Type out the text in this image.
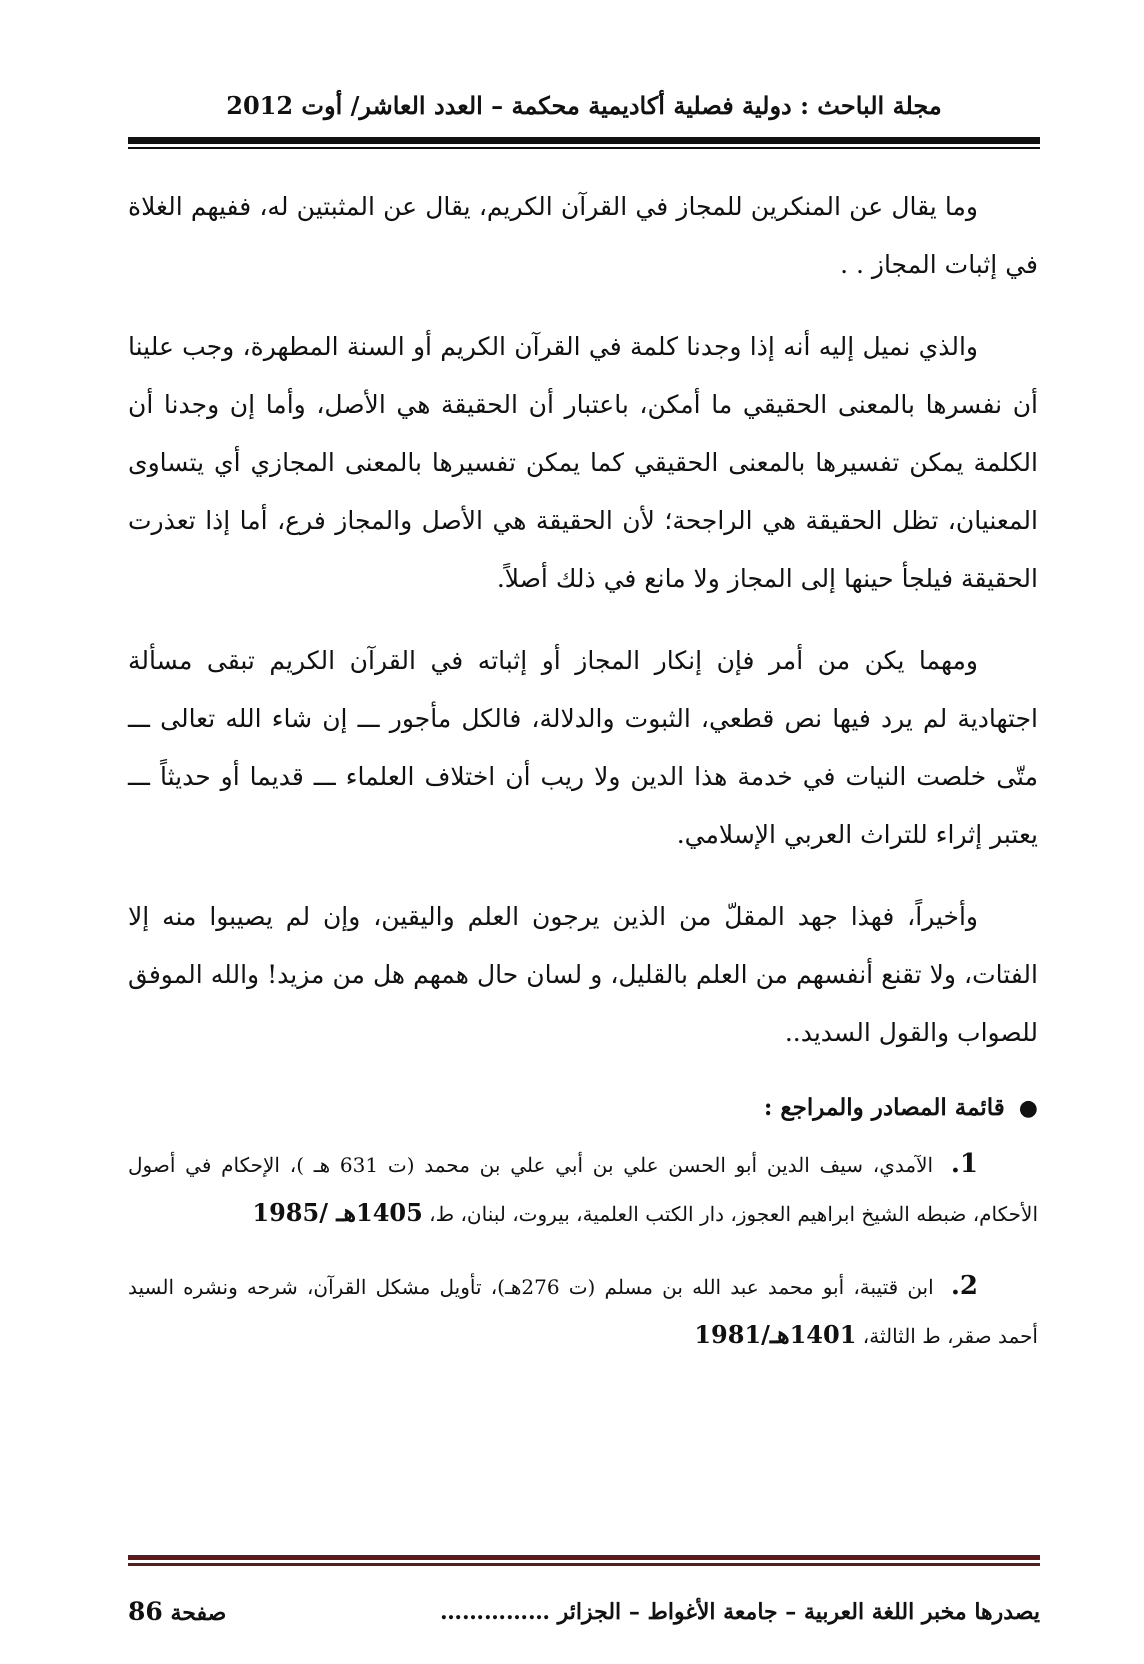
مجلة الباحث : دولية فصلية أكاديمية محكمة – العدد العاشر/ أوت 2012

وما يقال عن المنكرين للمجاز في القرآن الكريم، يقال عن المثبتين له، ففيهم الغلاة في إثبات المجاز . .

والذي نميل إليه أنه إذا وجدنا كلمة في القرآن الكريم أو السنة المطهرة، وجب علينا أن نفسرها بالمعنى الحقيقي ما أمكن، باعتبار أن الحقيقة هي الأصل، وأما إن وجدنا أن الكلمة يمكن تفسيرها بالمعنى الحقيقي كما يمكن تفسيرها بالمعنى المجازي أي يتساوى المعنيان، تظل الحقيقة هي الراجحة؛ لأن الحقيقة هي الأصل والمجاز فرع، أما إذا تعذرت الحقيقة فيلجأ حينها إلى المجاز ولا مانع في ذلك أصلاً.

ومهما يكن من أمر فإن إنكار المجاز أو إثباته في القرآن الكريم تبقى مسألة اجتهادية لم يرد فيها نص قطعي، الثبوت والدلالة، فالكل مأجور ـــ إن شاء الله تعالى ـــ متّى خلصت النيات في خدمة هذا الدين ولا ريب أن اختلاف العلماء ـــ قديما أو حديثاً ـــ يعتبر إثراء للتراث العربي الإسلامي.

وأخيراً، فهذا جهد المقلّ من الذين يرجون العلم واليقين، وإن لم يصيبوا منه إلا الفتات، ولا تقنع أنفسهم من العلم بالقليل، و لسان حال همهم هل من مزيد! والله الموفق للصواب والقول السديد..

●قائمة المصادر والمراجع :

1. الآمدي، سيف الدين أبو الحسن علي بن أبي علي بن محمد (ت 631 هـ )، الإحكام في أصول الأحكام، ضبطه الشيخ ابراهيم العجوز، دار الكتب العلمية، بيروت، لبنان، ط، 1405هـ /1985

2. ابن قتيبة، أبو محمد عبد الله بن مسلم (ت 276هـ)، تأويل مشكل القرآن، شرحه ونشره السيد أحمد صقر، ط الثالثة، 1401هـ/1981

يصدرها مخبر اللغة العربية – جامعة الأغواط – الجزائر ……………
صفحة 86
